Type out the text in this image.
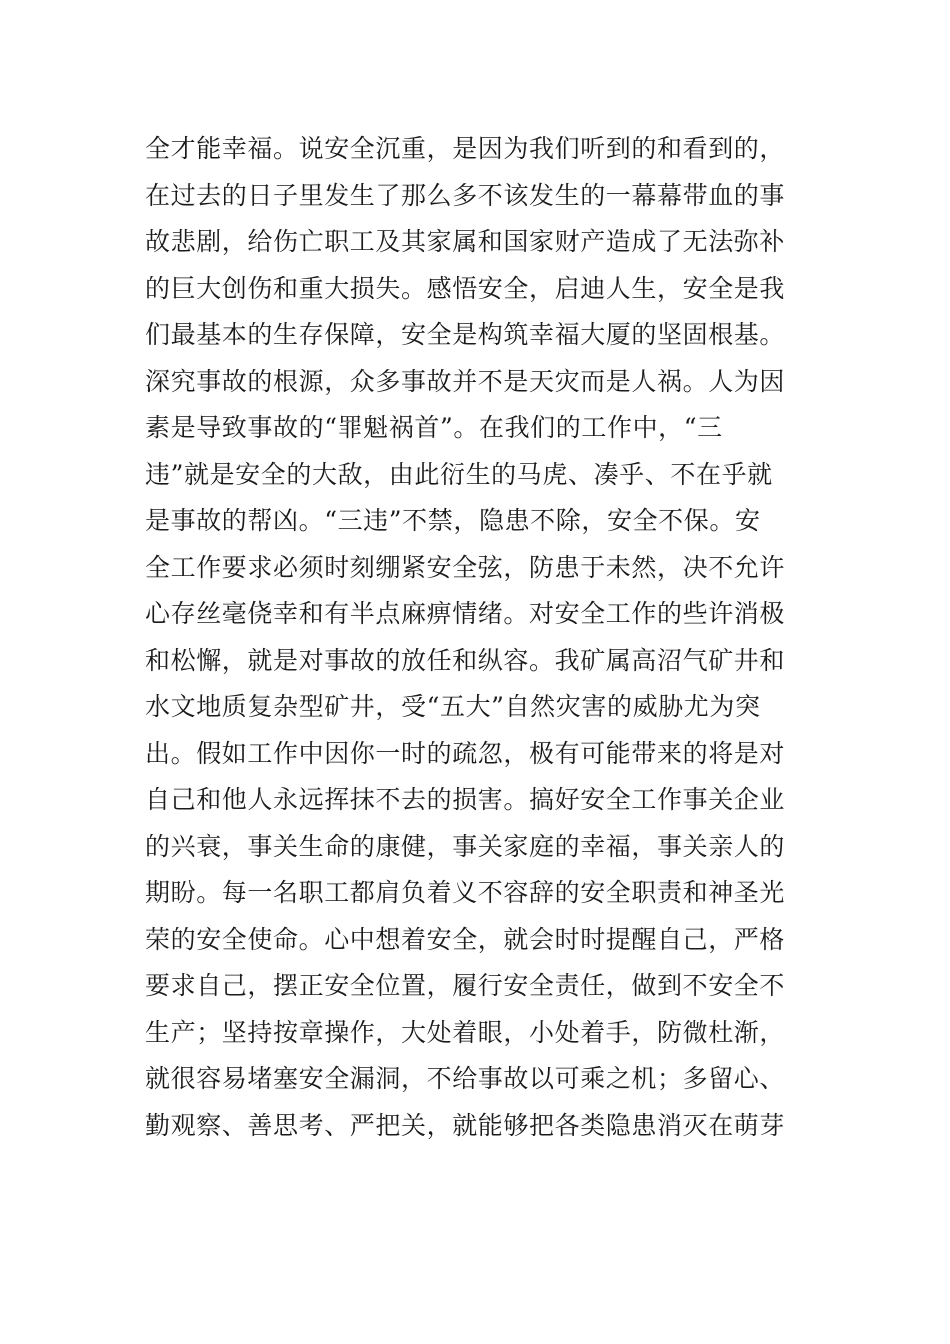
全才能幸福。说安全沉重，是因为我们听到的和看到的，
在过去的日子里发生了那么多不该发生的一幕幕带血的事
故悲剧，给伤亡职工及其家属和国家财产造成了无法弥补
的巨大创伤和重大损失。感悟安全，启迪人生，安全是我
们最基本的生存保障，安全是构筑幸福大厦的坚固根基。
深究事故的根源，众多事故并不是天灾而是人祸。人为因
素是导致事故的“罪魁祸首”。在我们的工作中，“三
违”就是安全的大敌，由此衍生的马虎、凑乎、不在乎就
是事故的帮凶。“三违”不禁，隐患不除，安全不保。安
全工作要求必须时刻绷紧安全弦，防患于未然，决不允许
心存丝毫侥幸和有半点麻痹情绪。对安全工作的些许消极
和松懈，就是对事故的放任和纵容。我矿属高沼气矿井和
水文地质复杂型矿井，受“五大”自然灾害的威胁尤为突
出。假如工作中因你一时的疏忽，极有可能带来的将是对
自己和他人永远挥抹不去的损害。搞好安全工作事关企业
的兴衰，事关生命的康健，事关家庭的幸福，事关亲人的
期盼。每一名职工都肩负着义不容辞的安全职责和神圣光
荣的安全使命。心中想着安全，就会时时提醒自己，严格
要求自己，摆正安全位置，履行安全责任，做到不安全不
生产；坚持按章操作，大处着眼，小处着手，防微杜渐，
就很容易堵塞安全漏洞，不给事故以可乘之机；多留心、
勤观察、善思考、严把关，就能够把各类隐患消灭在萌芽
